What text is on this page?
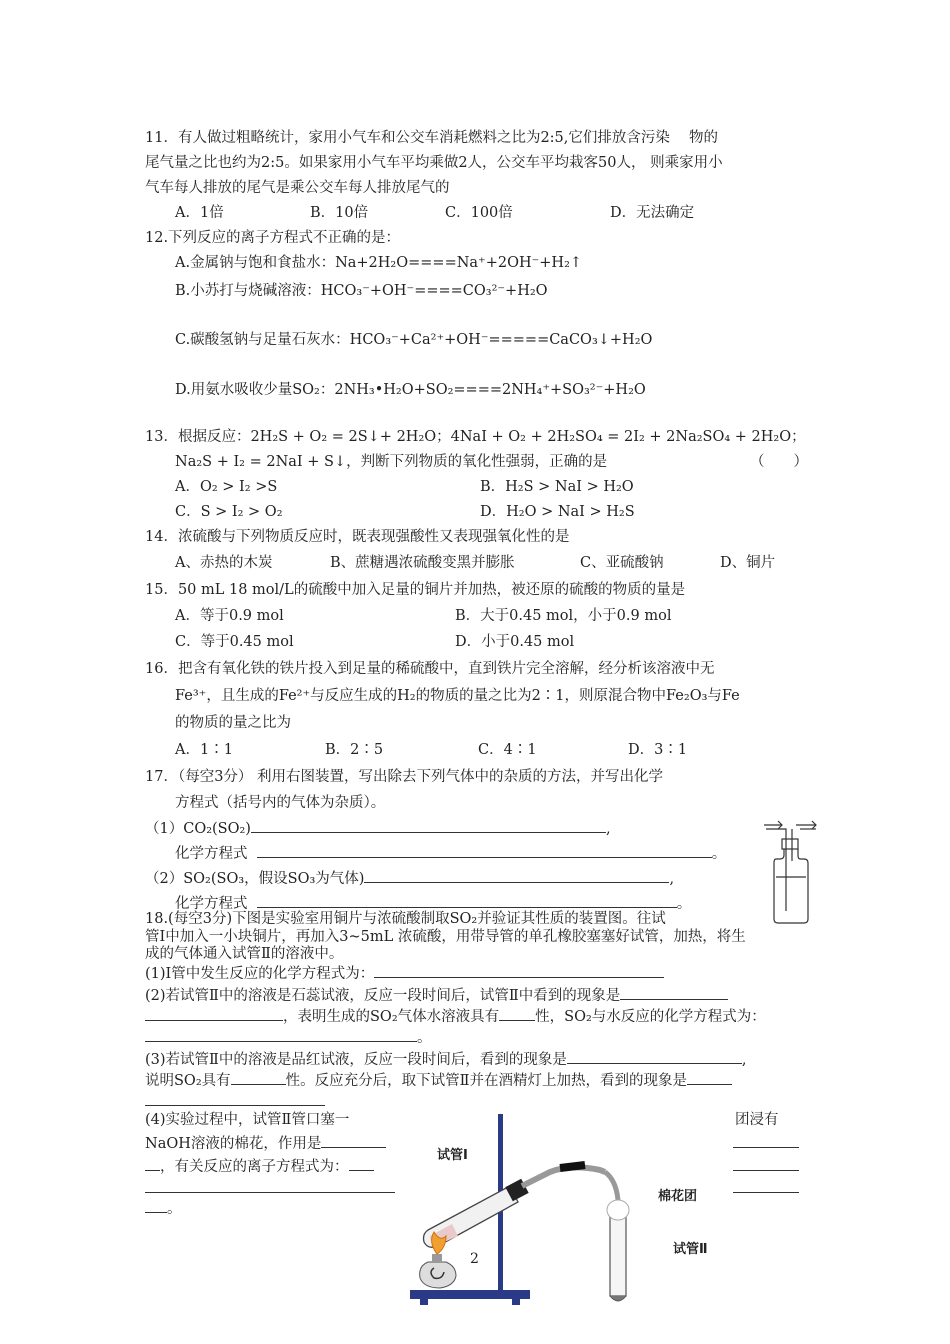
11．有人做过粗略统计，家用小气车和公交车消耗燃料之比为2:5,它们排放含污染　 物的
尾气量之比也约为2:5。如果家用小气车平均乘做2人，公交车平均栽客50人， 则乘家用小
气车每人排放的尾气是乘公交车每人排放尾气的
A．1倍	B．10倍	C．100倍	D．无法确定
12.下列反应的离子方程式不正确的是：
A.金属钠与饱和食盐水：Na+2H₂O====Na⁺+2OH⁻+H₂↑
B.小苏打与烧碱溶液：HCO₃⁻+OH⁻====CO₃²⁻+H₂O
C.碳酸氢钠与足量石灰水：HCO₃⁻+Ca²⁺+OH⁻=====CaCO₃↓+H₂O
D.用氨水吸收少量SO₂：2NH₃•H₂O+SO₂====2NH₄⁺+SO₃²⁻+H₂O
13．根据反应：2H₂S + O₂ = 2S↓+ 2H₂O；4NaI + O₂ + 2H₂SO₄ = 2I₂ + 2Na₂SO₄ + 2H₂O；
Na₂S + I₂ = 2NaI + S↓，判断下列物质的氧化性强弱，正确的是	（　　）
A．O₂ > I₂ >S	B．H₂S > NaI > H₂O
C．S > I₂ > O₂	D．H₂O > NaI > H₂S
14．浓硫酸与下列物质反应时，既表现强酸性又表现强氧化性的是
A、赤热的木炭	B、蔗糖遇浓硫酸变黑并膨胀	C、亚硫酸钠	D、铜片
15．50 mL 18 mol/L的硫酸中加入足量的铜片并加热，被还原的硫酸的物质的量是
A．等于0.9 mol	B．大于0.45 mol，小于0.9 mol
C．等于0.45 mol	D．小于0.45 mol
16．把含有氧化铁的铁片投入到足量的稀硫酸中，直到铁片完全溶解，经分析该溶液中无
Fe³⁺，且生成的Fe²⁺与反应生成的H₂的物质的量之比为2∶1，则原混合物中Fe₂O₃与Fe
的物质的量之比为
A．1∶1	B．2∶5	C．4∶1	D．3∶1
17．（每空3分） 利用右图装置，写出除去下列气体中的杂质的方法，并写出化学
方程式（括号内的气体为杂质）。
（1）CO₂(SO₂)	,
化学方程式	。
（2）SO₂(SO₃，假设SO₃为气体)	,
化学方程式	。
18.(每空3分)下图是实验室用铜片与浓硫酸制取SO₂并验证其性质的装置图。往试
管Ⅰ中加入一小块铜片，再加入3~5mL 浓硫酸，用带导管的单孔橡胶塞塞好试管，加热，将生
成的气体通入试管Ⅱ的溶液中。
(1)Ⅰ管中发生反应的化学方程式为：
(2)若试管Ⅱ中的溶液是石蕊试液，反应一段时间后，试管Ⅱ中看到的现象是
，表明生成的SO₂气体水溶液具有 性，SO₂与水反应的化学方程式为：
。
(3)若试管Ⅱ中的溶液是品红试液，反应一段时间后，看到的现象是	,
说明SO₂具有	性。反应充分后，取下试管Ⅱ并在酒精灯上加热，看到的现象是
(4)实验过程中，试管Ⅱ管口塞一
NaOH溶液的棉花，作用是
，有关反应的离子方程式为：
。
团浸有
2
试管Ⅰ
棉花团
试管Ⅱ
